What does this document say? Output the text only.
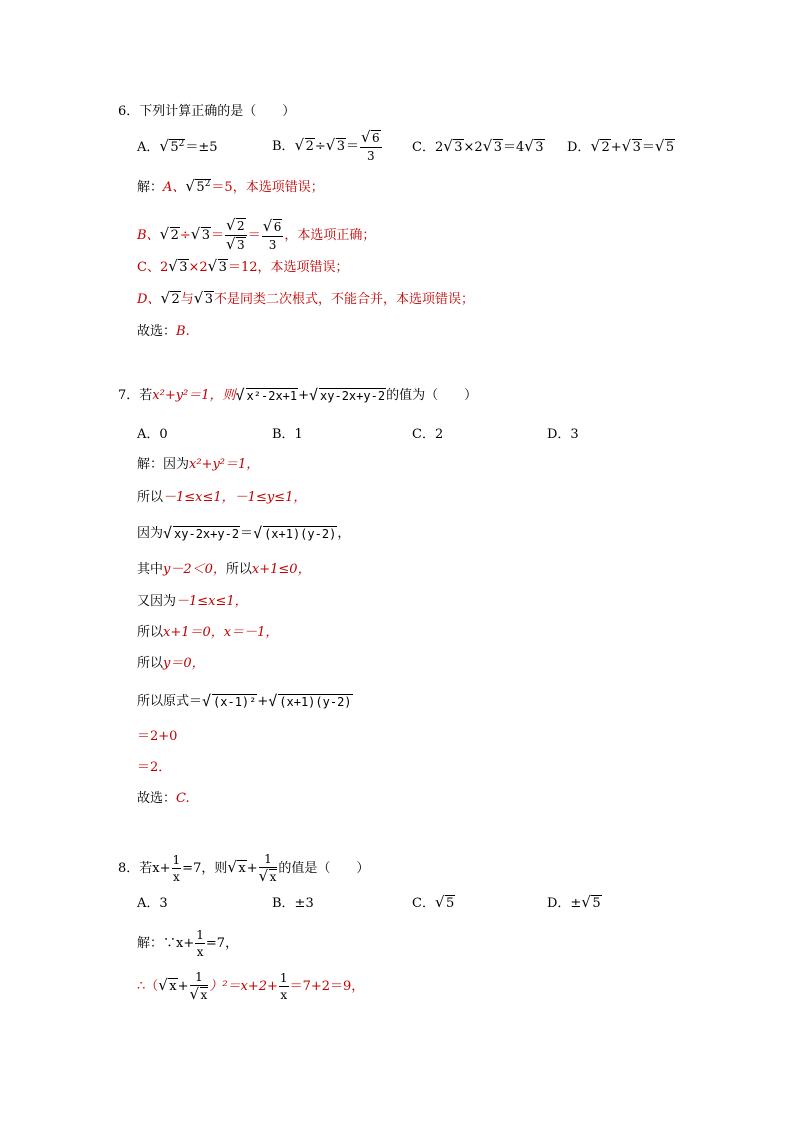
6．下列计算正确的是（　　）
A． √ $5^2=\pm 5$	B． √ 2÷ √ 3＝ √ $\frac{6}{3}$ C．2 √ 3×2 √ 3＝4 √ 3 D． √ 2+ √ 3＝ √ 5
解：A、 √ $5^2=5$，本选项错误；
B、 √ 2÷ √ 3＝ √ 2
√ 3 ＝ √ $\frac{6}{3}$ ，本选项正确；
C、2 √ 3×2 √ 3＝12，本选项错误；
D、 √ 2与 √ 3不是同类二次根式，不能合并，本选项错误；
故选：B.
7．若x²+y²＝1，则 √ x²-2x+1+ √ xy-2x+y-2的值为（　　）
A．0	B．1	C．2	D．3
解：因为x²+y²＝1，
所以－1≤x≤1，－1≤y≤1，
因为 √ xy-2x+y-2＝ √ (x+1)(y-2)，
其中y－2＜0，所以x+1≤0，
又因为－1≤x≤1，
所以x+1＝0，x＝－1，
所以y＝0，
所以原式＝ √ (x-1)²+ √ (x+1)(y-2)
＝2+0
＝2．
故选：C.
8．若$x+ \frac{1}{x} =7$，则 √ x+ 1
√ x 的值是（　　）
A．3	B．±3	C． √ 5	D．± √ 5
解：∵x+ $\frac{1}{x} =7$，
∴（ √ x+ 1
√ x ）$^2=x+2+ \frac{1}{x} =7+2=9$，
